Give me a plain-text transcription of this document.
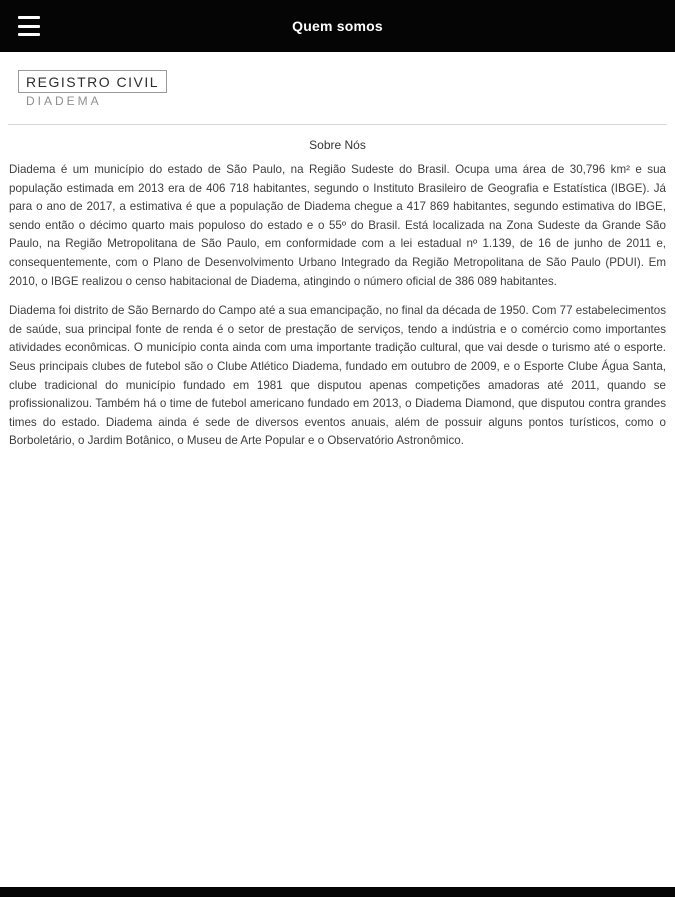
Quem somos
REGISTRO CIVIL
DIADEMA
Sobre Nós

Diadema é um município do estado de São Paulo, na Região Sudeste do Brasil. Ocupa uma área de 30,796 km² e sua população estimada em 2013 era de 406 718 habitantes, segundo o Instituto Brasileiro de Geografia e Estatística (IBGE). Já para o ano de 2017, a estimativa é que a população de Diadema chegue a 417 869 habitantes, segundo estimativa do IBGE, sendo então o décimo quarto mais populoso do estado e o 55º do Brasil. Está localizada na Zona Sudeste da Grande São Paulo, na Região Metropolitana de São Paulo, em conformidade com a lei estadual nº 1.139, de 16 de junho de 2011 e, consequentemente, com o Plano de Desenvolvimento Urbano Integrado da Região Metropolitana de São Paulo (PDUI). Em 2010, o IBGE realizou o censo habitacional de Diadema, atingindo o número oficial de 386 089 habitantes.

Diadema foi distrito de São Bernardo do Campo até a sua emancipação, no final da década de 1950. Com 77 estabelecimentos de saúde, sua principal fonte de renda é o setor de prestação de serviços, tendo a indústria e o comércio como importantes atividades econômicas. O município conta ainda com uma importante tradição cultural, que vai desde o turismo até o esporte. Seus principais clubes de futebol são o Clube Atlético Diadema, fundado em outubro de 2009, e o Esporte Clube Água Santa, clube tradicional do município fundado em 1981 que disputou apenas competições amadoras até 2011, quando se profissionalizou. Também há o time de futebol americano fundado em 2013, o Diadema Diamond, que disputou contra grandes times do estado. Diadema ainda é sede de diversos eventos anuais, além de possuir alguns pontos turísticos, como o Borboletário, o Jardim Botânico, o Museu de Arte Popular e o Observatório Astronômico.
